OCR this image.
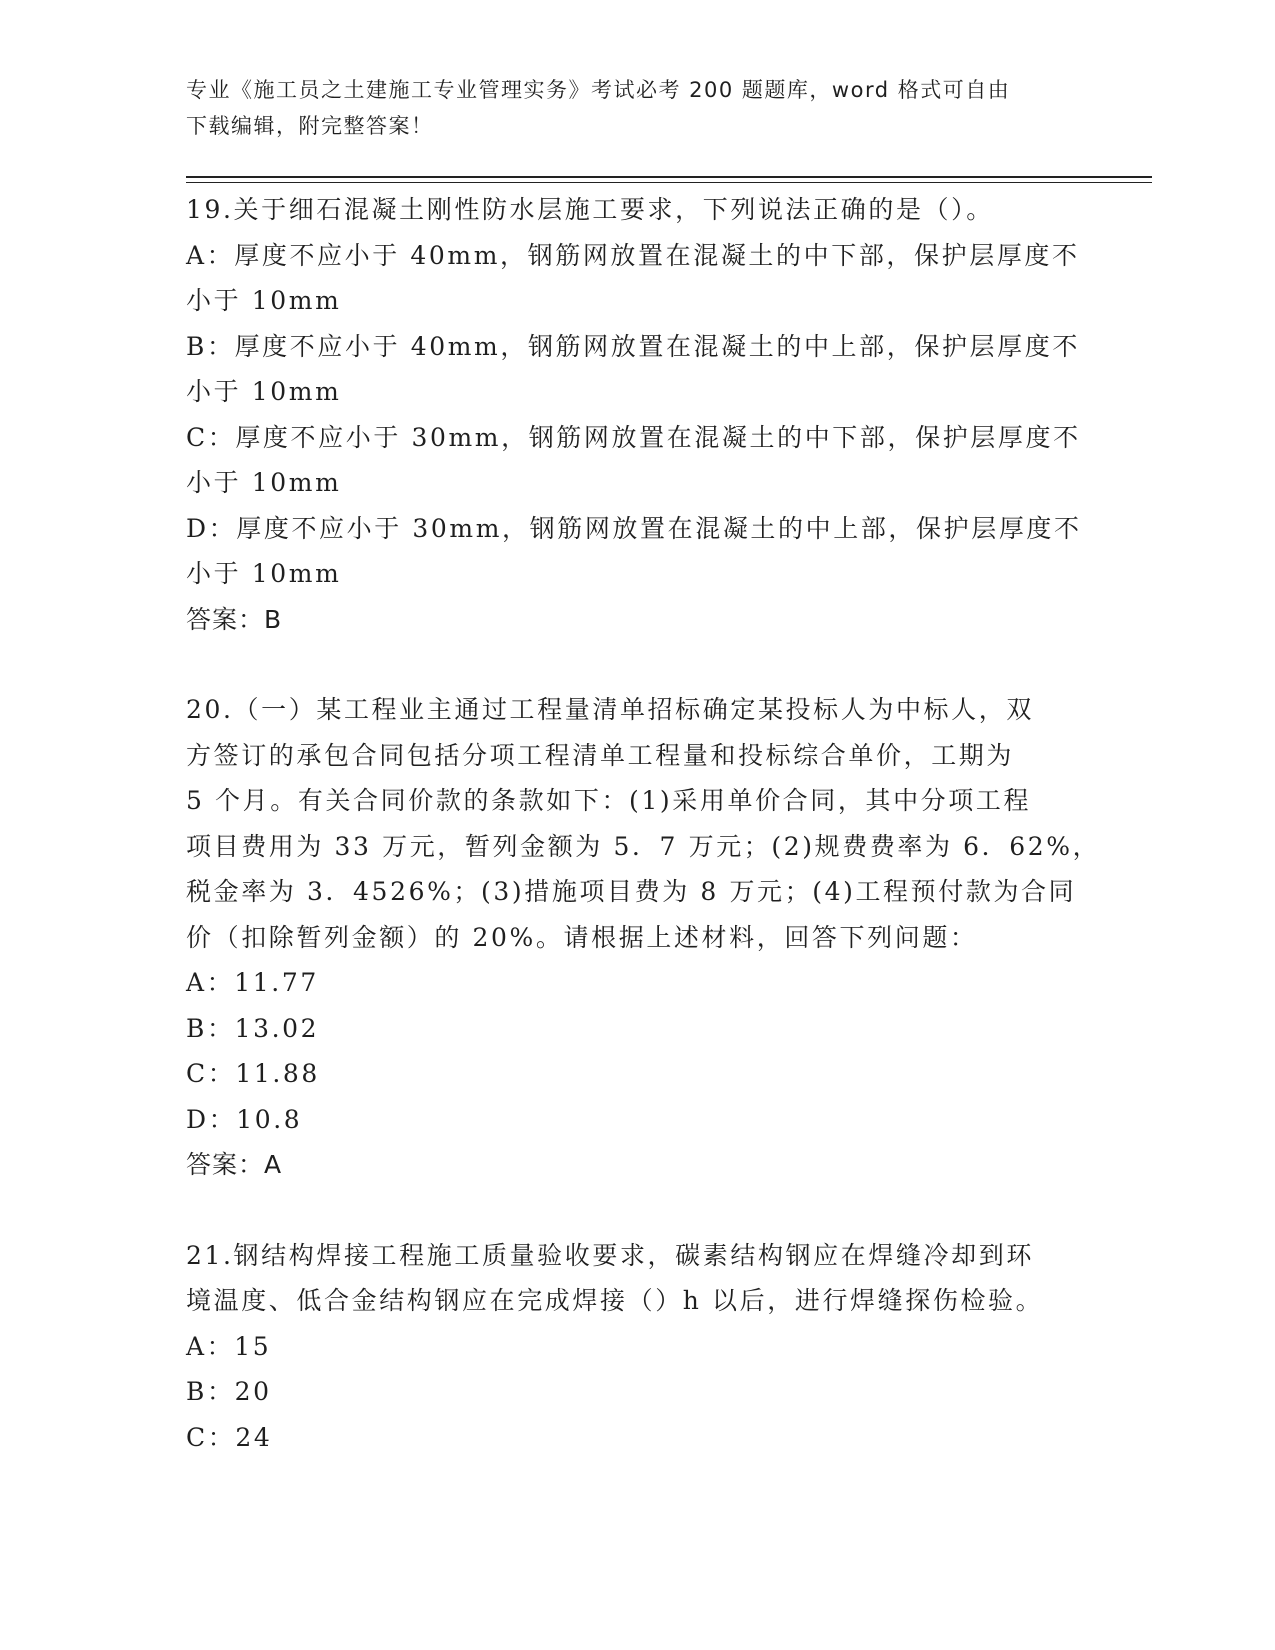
专业《施工员之土建施工专业管理实务》考试必考 200 题题库，word 格式可自由
下载编辑，附完整答案！
19.关于细石混凝土刚性防水层施工要求，下列说法正确的是（）。
A：厚度不应小于 40mm，钢筋网放置在混凝土的中下部，保护层厚度不
小于 10mm
B：厚度不应小于 40mm，钢筋网放置在混凝土的中上部，保护层厚度不
小于 10mm
C：厚度不应小于 30mm，钢筋网放置在混凝土的中下部，保护层厚度不
小于 10mm
D：厚度不应小于 30mm，钢筋网放置在混凝土的中上部，保护层厚度不
小于 10mm
答案：B
20.（一）某工程业主通过工程量清单招标确定某投标人为中标人，双
方签订的承包合同包括分项工程清单工程量和投标综合单价，工期为
5 个月。有关合同价款的条款如下：(1)采用单价合同，其中分项工程
项目费用为 33 万元，暂列金额为 5．7 万元；(2)规费费率为 6．62%，
税金率为 3．4526%；(3)措施项目费为 8 万元；(4)工程预付款为合同
价（扣除暂列金额）的 20%。请根据上述材料，回答下列问题：
A：11.77
B：13.02
C：11.88
D：10.8
答案：A
21.钢结构焊接工程施工质量验收要求，碳素结构钢应在焊缝冷却到环
境温度、低合金结构钢应在完成焊接（）h 以后，进行焊缝探伤检验。
A：15
B：20
C：24
